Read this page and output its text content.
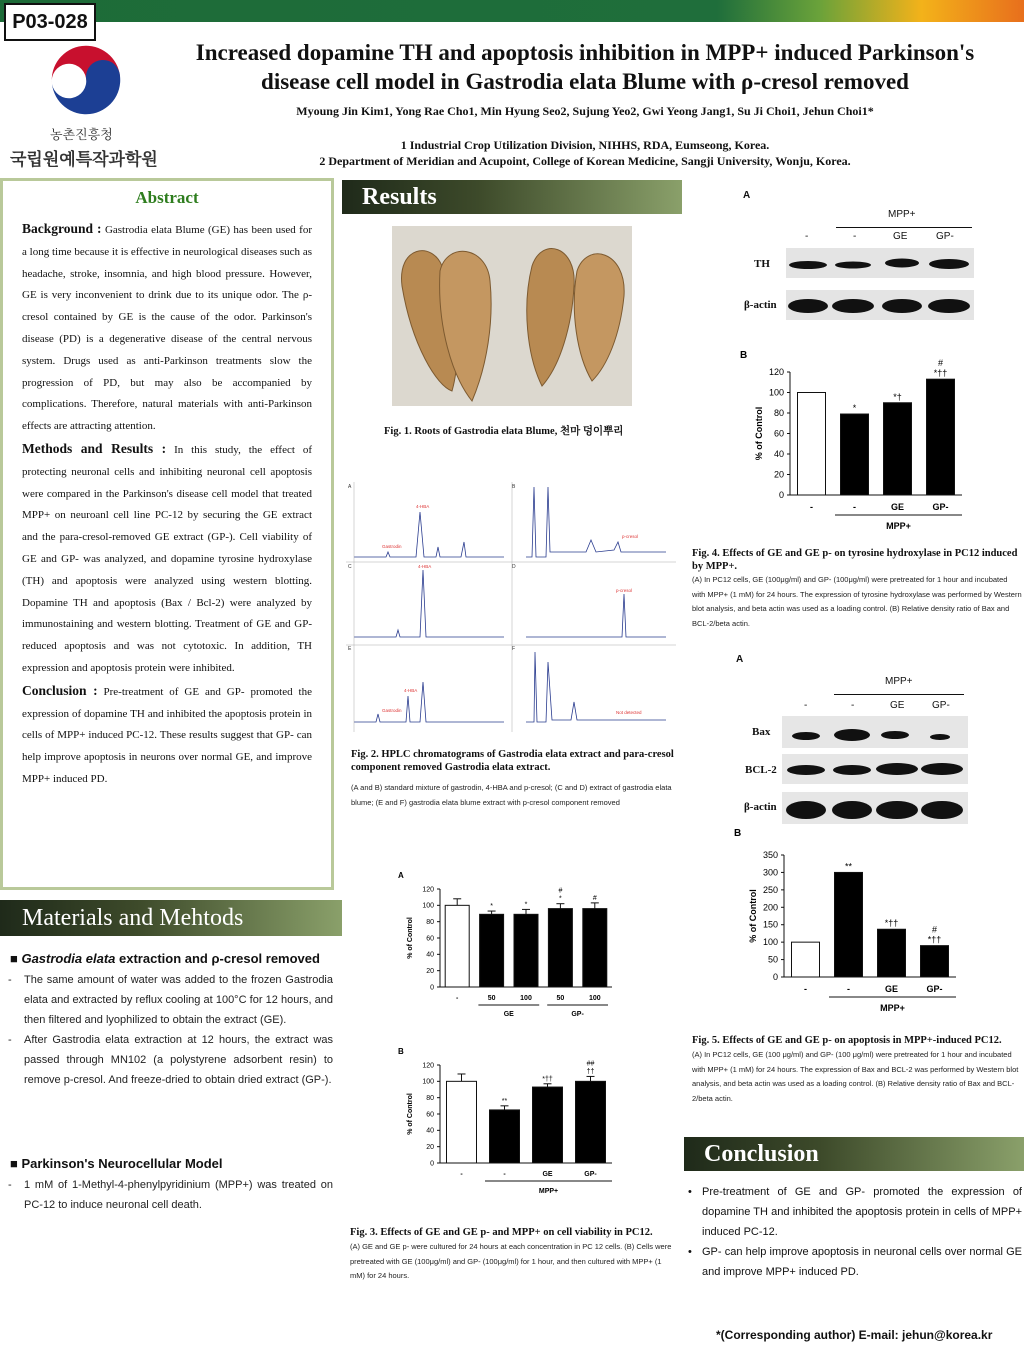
P03-028
농촌진흥청
국립원예특작과학원
Increased dopamine TH and apoptosis inhibition in MPP+ induced Parkinson's
disease cell model in Gastrodia elata Blume with ρ-cresol removed
Myoung Jin Kim1, Yong Rae Cho1, Min Hyung Seo2, Sujung Yeo2, Gwi Yeong Jang1, Su Ji Choi1, Jehun Choi1*
1 Industrial Crop Utilization Division, NIHHS, RDA, Eumseong, Korea.
2 Department of Meridian and Acupoint, College of Korean Medicine, Sangji University, Wonju, Korea.
Abstract

Background : Gastrodia elata Blume (GE) has been used for a long time because it is effective in neurological diseases such as headache, stroke, insomnia, and high blood pressure. However, GE is very inconvenient to drink due to its unique odor. The ρ-cresol contained by GE is the cause of the odor. Parkinson's disease (PD) is a degenerative disease of the central nervous system. Drugs used as anti-Parkinson treatments slow the progression of PD, but may also be accompanied by complications. Therefore, natural materials with anti-Parkinson effects are attracting attention.

Methods and Results : In this study, the effect of protecting neuronal cells and inhibiting neuronal cell apoptosis were compared in the Parkinson's disease cell model that treated MPP+ on neuroanl cell line PC-12 by securing the GE extract and the para-cresol-removed GE extract (GP-). Cell viability of GE and GP- was analyzed, and dopamine tyrosine hydroxylase (TH) and apoptosis were analyzed using western blotting. Dopamine TH and apoptosis (Bax / Bcl-2) were analyzed by immunostaining and western blotting. Treatment of GE and GP- reduced apoptosis and was not cytotoxic. In addition, TH expression and apoptosis protein were inhibited.

Conclusion : Pre-treatment of GE and GP- promoted the expression of dopamine TH and inhibited the apoptosis protein in cells of MPP+ induced PC-12. These results suggest that GP- can help improve apoptosis in neurons over normal GE, and improve MPP+ induced PD.

Materials and Mehtods
■ Gastrodia elata extraction and ρ-cresol removed
- The same amount of water was added to the frozen Gastrodia elata and extracted by reflux cooling at 100°C for 12 hours, and then filtered and lyophilized to obtain the extract (GE).
- After Gastrodia elata extraction at 12 hours, the extract was passed through MN102 (a polystyrene adsorbent resin) to remove p-cresol. And freeze-dried to obtain dried extract (GP-).
■ Parkinson's Neurocellular Model
- 1 mM of 1-Methyl-4-phenylpyridinium (MPP+) was treated on PC-12 to induce neuronal cell death.
Results
Fig. 1. Roots of Gastrodia elata Blume, 천마 덩이뿌리
Gastrodin
4-HBA
p-cresol
4-HBA
p-cresol
Gastrodin
4-HBA
Not detected
A	B
C	D
E	F
Fig. 2. HPLC chromatograms of Gastrodia elata extract and para-cresol component removed Gastrodia elata extract.
(A and B) standard mixture of gastrodin, 4-HBA and p-cresol; (C and D) extract of gastrodia elata blume; (E and F) gastrodia elata blume extract with p-cresol component removed
A
0
20
40
60
80
100
120
% of Control
-
*
50
*
100
#
*
50
#
100
GE	GP-
B
0
20
40
60
80
100
120
% of Control
-
**
-
*††
GE
##
††
GP-
MPP+
Fig. 3. Effects of GE and GE p- and MPP+ on cell viability in PC12.
(A) GE and GE p- were cultured for 24 hours at each concentration in PC 12 cells. (B) Cells were pretreated with GE (100μg/ml) and GP- (100μg/ml) for 1 hour, and then cultured with MPP+ (1 mM) for 24 hours.
A
MPP+
-	-	GE	GP-
TH
β-actin
B
0
20
40
60
80
100
120
% of Control
-
*
-
*†
GE
#
*††
GP-
MPP+
Fig. 4. Effects of GE and GE p- on tyrosine hydroxylase in PC12 induced by MPP+.
(A) In PC12 cells, GE (100μg/ml) and GP- (100μg/ml) were pretreated for 1 hour and incubated with MPP+ (1 mM) for 24 hours. The expression of tyrosine hydroxylase was performed by Western blot analysis, and beta actin was used as a loading control. (B) Relative density ratio of Bax and BCL-2/beta actin.
A
MPP+
-	-	GE	GP-
Bax
BCL-2
β-actin
B
0
50
100
150
200
250
300
350
% of Control
-
**
-
*††
GE
#
*††
GP-
MPP+
Fig. 5. Effects of GE and GE p- on apoptosis in MPP+-induced PC12.
(A) In PC12 cells, GE (100 μg/ml) and GP- (100 μg/ml) were pretreated for 1 hour and incubated with MPP+ (1 mM) for 24 hours. The expression of Bax and BCL-2 was performed by Western blot analysis, and beta actin was used as a loading control. (B) Relative density ratio of Bax and BCL-2/beta actin.
Conclusion
• Pre-treatment of GE and GP- promoted the expression of dopamine TH and inhibited the apoptosis protein in cells of MPP+ induced PC-12.
• GP- can help improve apoptosis in neuronal cells over normal GE and improve MPP+ induced PD.
*(Corresponding author) E-mail: jehun@korea.kr
